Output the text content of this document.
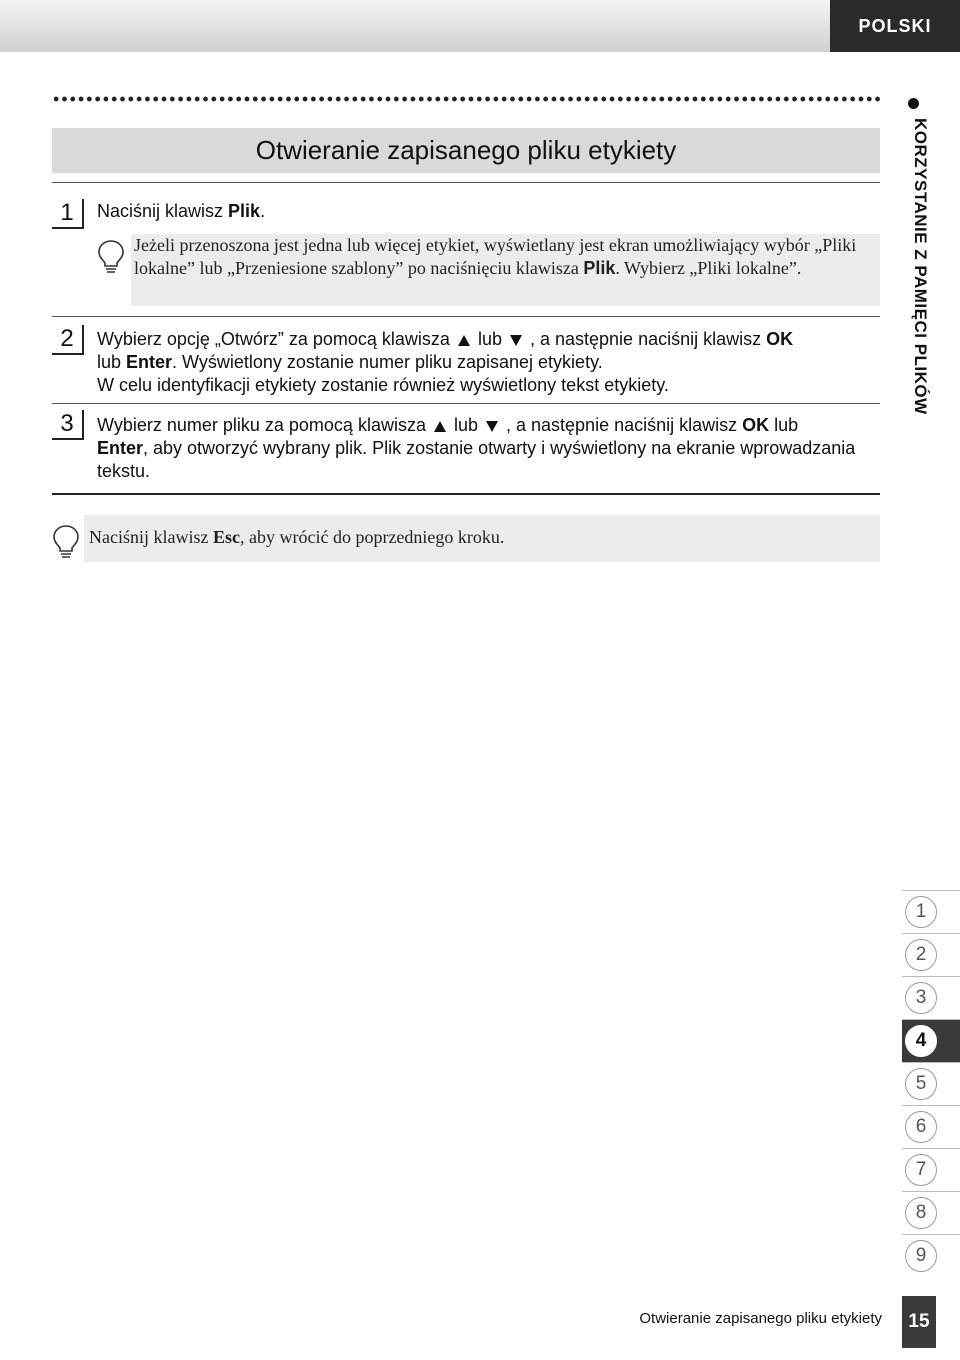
POLSKI
KORZYSTANIE Z PAMIĘCI PLIKÓW
Otwieranie zapisanego pliku etykiety
1	Naciśnij klawisz Plik.
Jeżeli przenoszona jest jedna lub więcej etykiet, wyświetlany jest ekran umożliwiający wybór „Pliki lokalne” lub „Przeniesione szablony” po naciśnięciu klawisza Plik. Wybierz „Pliki lokalne”.
2	Wybierz opcję „Otwórz” za pomocą klawisza lub , a następnie naciśnij klawisz OK
lub Enter. Wyświetlony zostanie numer pliku zapisanej etykiety.
W celu identyfikacji etykiety zostanie również wyświetlony tekst etykiety.
3	Wybierz numer pliku za pomocą klawisza lub , a następnie naciśnij klawisz OK lub
Enter, aby otworzyć wybrany plik. Plik zostanie otwarty i wyświetlony na ekranie wprowadzania tekstu.
Naciśnij klawisz Esc, aby wrócić do poprzedniego kroku.
1
2
3
4
5
6
7
8
9
Otwieranie zapisanego pliku etykiety	15
